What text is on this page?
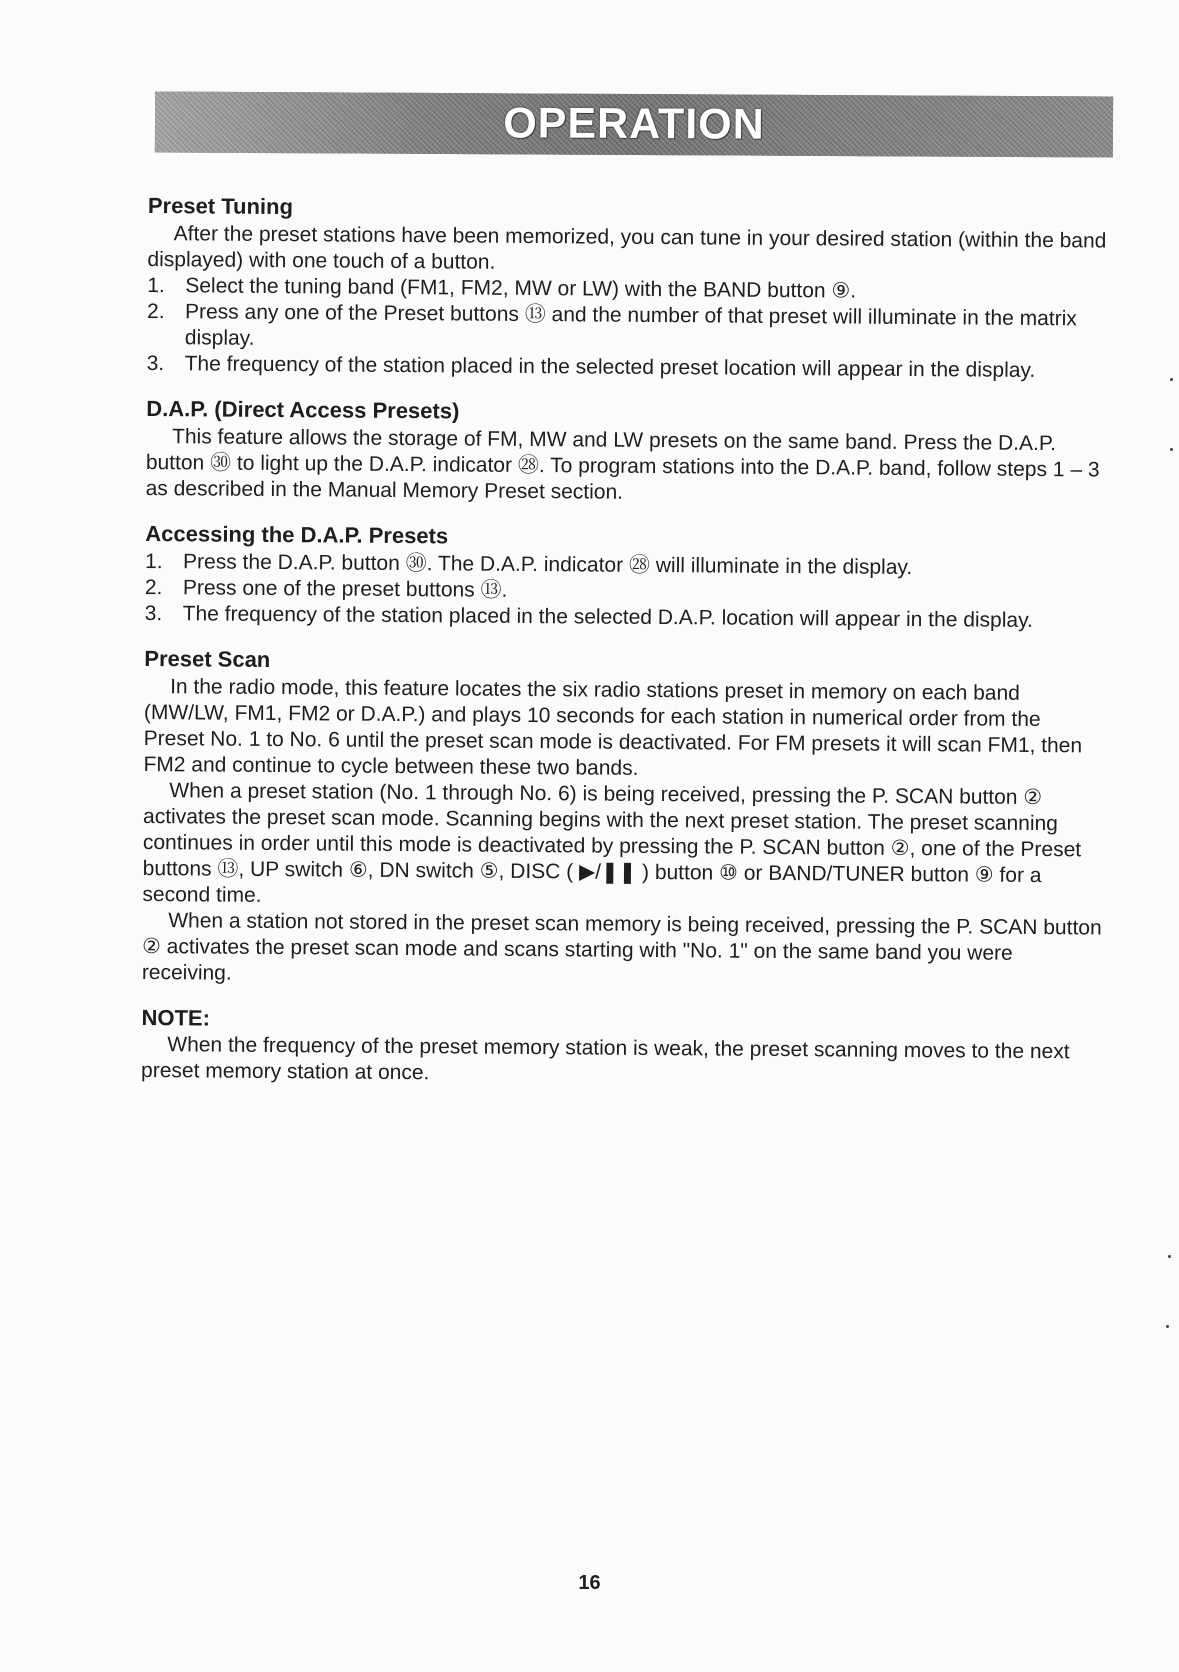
OPERATION
Preset Tuning

After the preset stations have been memorized, you can tune in your desired station (within the band displayed) with one touch of a button.

1. Select the tuning band (FM1, FM2, MW or LW) with the BAND button ⑨.
2. Press any one of the Preset buttons ⑬ and the number of that preset will illuminate in the matrix display.
3. The frequency of the station placed in the selected preset location will appear in the display.
D.A.P. (Direct Access Presets)

This feature allows the storage of FM, MW and LW presets on the same band. Press the D.A.P. button ㉚ to light up the D.A.P. indicator ㉘. To program stations into the D.A.P. band, follow steps 1 – 3 as described in the Manual Memory Preset section.

Accessing the D.A.P. Presets
1. Press the D.A.P. button ㉚. The D.A.P. indicator ㉘ will illuminate in the display.
2. Press one of the preset buttons ⑬.
3. The frequency of the station placed in the selected D.A.P. location will appear in the display.
Preset Scan

In the radio mode, this feature locates the six radio stations preset in memory on each band (MW/LW, FM1, FM2 or D.A.P.) and plays 10 seconds for each station in numerical order from the Preset No. 1 to No. 6 until the preset scan mode is deactivated. For FM presets it will scan FM1, then FM2 and continue to cycle between these two bands.

When a preset station (No. 1 through No. 6) is being received, pressing the P. SCAN button ② activates the preset scan mode. Scanning begins with the next preset station. The preset scanning continues in order until this mode is deactivated by pressing the P. SCAN button ②, one of the Preset buttons ⑬, UP switch ⑥, DN switch ⑤, DISC ( ▶/❚❚ ) button ⑩ or BAND/TUNER button ⑨ for a second time.

When a station not stored in the preset scan memory is being received, pressing the P. SCAN button ② activates the preset scan mode and scans starting with "No. 1" on the same band you were receiving.

NOTE:

When the frequency of the preset memory station is weak, the preset scanning moves to the next preset memory station at once.

16
